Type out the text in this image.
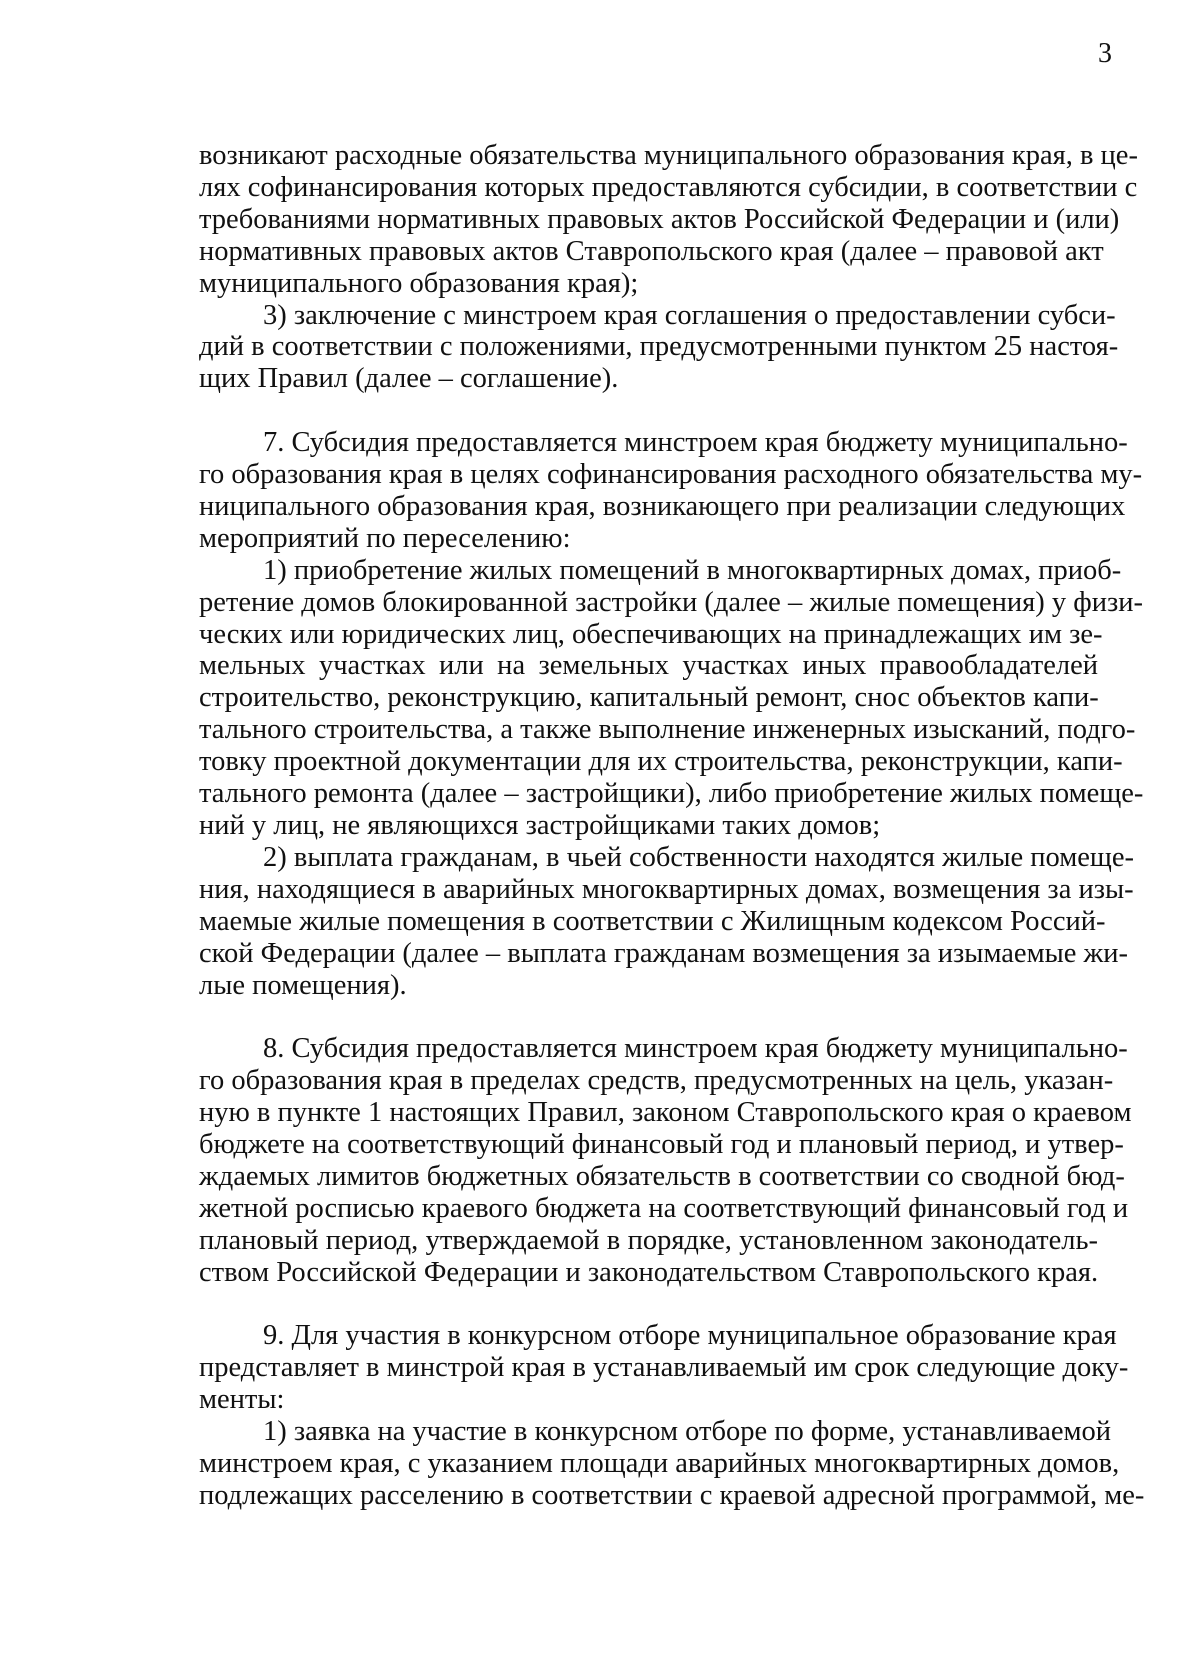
3
возникают расходные обязательства муниципального образования края, в це-
лях софинансирования которых предоставляются субсидии, в соответствии с
требованиями нормативных правовых актов Российской Федерации и (или)
нормативных правовых актов Ставропольского края (далее – правовой акт
муниципального образования края);
3) заключение с минстроем края соглашения о предоставлении субси-
дий в соответствии с положениями, предусмотренными пунктом 25 настоя-
щих Правил (далее – соглашение).
7. Субсидия предоставляется минстроем края бюджету муниципально-
го образования края в целях софинансирования расходного обязательства му-
ниципального образования края, возникающего при реализации следующих
мероприятий по переселению:
1) приобретение жилых помещений в многоквартирных домах, приоб-
ретение домов блокированной застройки (далее – жилые помещения) у физи-
ческих или юридических лиц, обеспечивающих на принадлежащих им зе-
мельных участках или на земельных участках иных правообладателей
строительство, реконструкцию, капитальный ремонт, снос объектов капи-
тального строительства, а также выполнение инженерных изысканий, подго-
товку проектной документации для их строительства, реконструкции, капи-
тального ремонта (далее – застройщики), либо приобретение жилых помеще-
ний у лиц, не являющихся застройщиками таких домов;
2) выплата гражданам, в чьей собственности находятся жилые помеще-
ния, находящиеся в аварийных многоквартирных домах, возмещения за изы-
маемые жилые помещения в соответствии с Жилищным кодексом Россий-
ской Федерации (далее – выплата гражданам возмещения за изымаемые жи-
лые помещения).
8. Субсидия предоставляется минстроем края бюджету муниципально-
го образования края в пределах средств, предусмотренных на цель, указан-
ную в пункте 1 настоящих Правил, законом Ставропольского края о краевом
бюджете на соответствующий финансовый год и плановый период, и утвер-
ждаемых лимитов бюджетных обязательств в соответствии со сводной бюд-
жетной росписью краевого бюджета на соответствующий финансовый год и
плановый период, утверждаемой в порядке, установленном законодатель-
ством Российской Федерации и законодательством Ставропольского края.
9. Для участия в конкурсном отборе муниципальное образование края
представляет в минстрой края в устанавливаемый им срок следующие доку-
менты:
1) заявка на участие в конкурсном отборе по форме, устанавливаемой
минстроем края, с указанием площади аварийных многоквартирных домов,
подлежащих расселению в соответствии с краевой адресной программой, ме-
